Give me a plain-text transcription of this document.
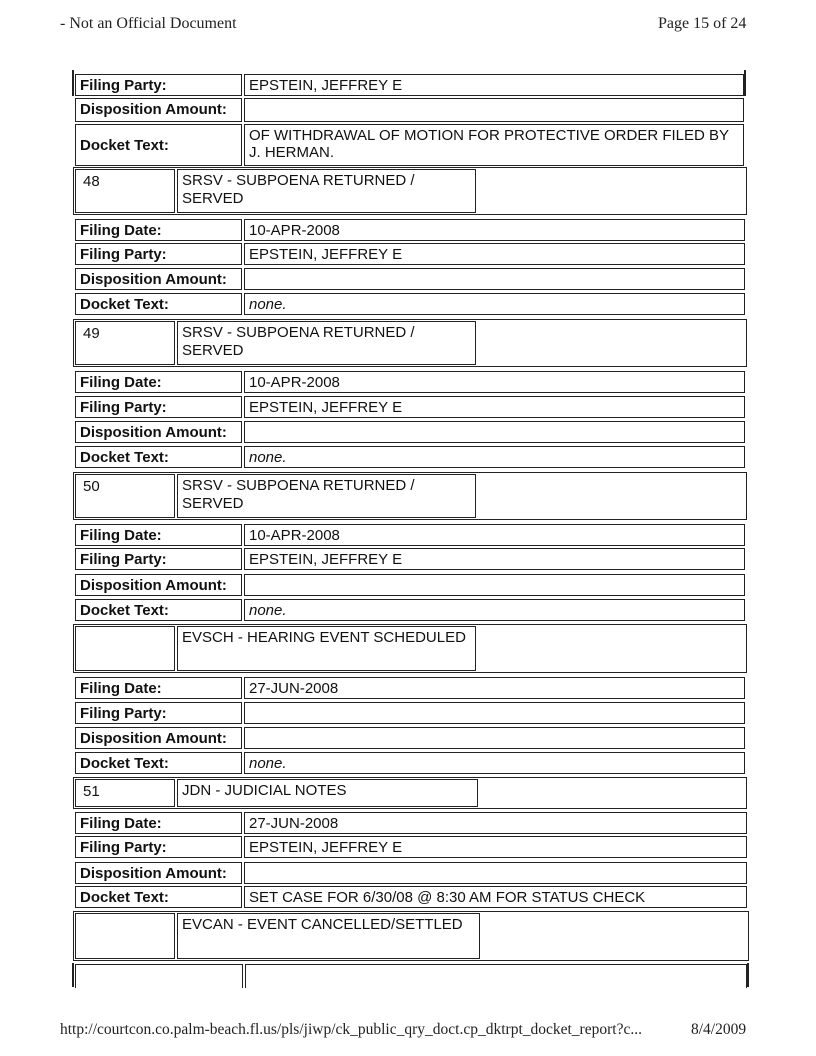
- Not an Official Document	Page 15 of 24
Filing Party:	EPSTEIN, JEFFREY E
Disposition Amount:
Docket Text:
OF WITHDRAWAL OF MOTION FOR PROTECTIVE ORDER FILED BY J. HERMAN.
48	SRSV - SUBPOENA RETURNED / SERVED
Filing Date:	10-APR-2008
Filing Party:	EPSTEIN, JEFFREY E
Disposition Amount:
Docket Text:	none.
49	SRSV - SUBPOENA RETURNED / SERVED
Filing Date:	10-APR-2008
Filing Party:	EPSTEIN, JEFFREY E
Disposition Amount:
Docket Text:	none.
50	SRSV - SUBPOENA RETURNED / SERVED
Filing Date:	10-APR-2008
Filing Party:	EPSTEIN, JEFFREY E
Disposition Amount:
Docket Text:	none.
EVSCH - HEARING EVENT SCHEDULED
Filing Date:	27-JUN-2008
Filing Party:
Disposition Amount:
Docket Text:	none.
51	JDN - JUDICIAL NOTES
Filing Date:	27-JUN-2008
Filing Party:	EPSTEIN, JEFFREY E
Disposition Amount:
Docket Text:	SET CASE FOR 6/30/08 @ 8:30 AM FOR STATUS CHECK
EVCAN - EVENT CANCELLED/SETTLED
http://courtcon.co.palm-beach.fl.us/pls/jiwp/ck_public_qry_doct.cp_dktrpt_docket_report?c...	8/4/2009
